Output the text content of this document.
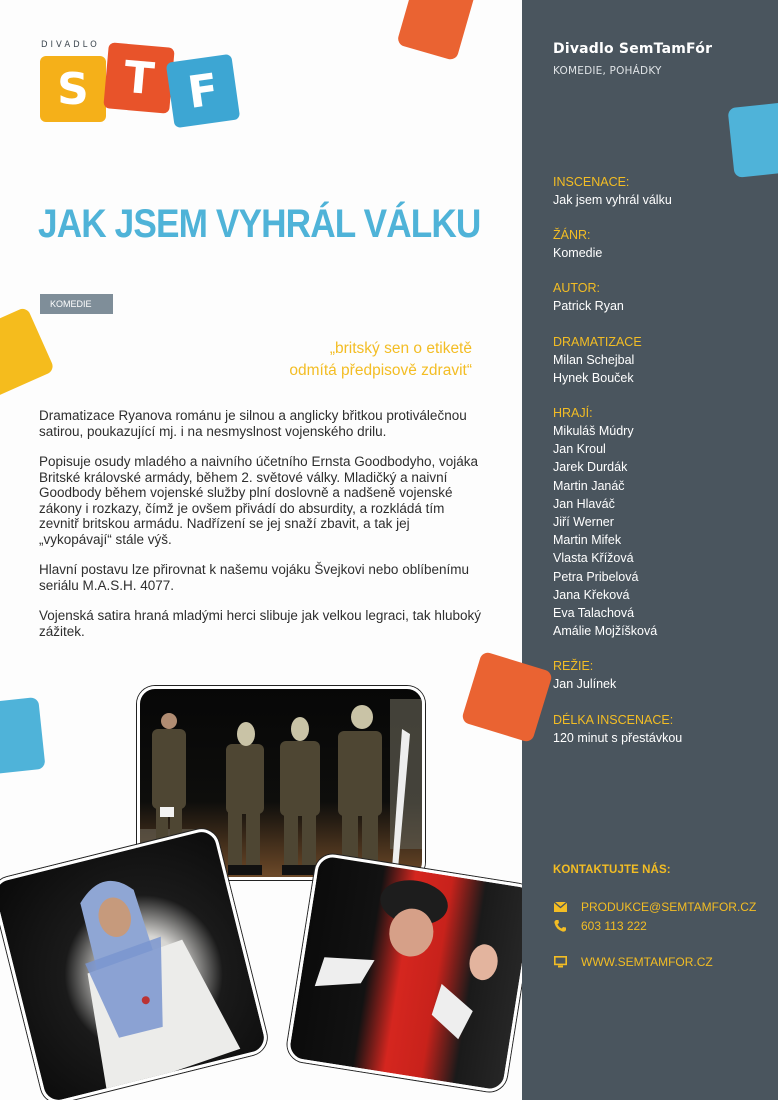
DIVADLO
S T F
JAK JSEM VYHRÁL VÁLKU
KOMEDIE
„britský sen o etiketě
odmítá předpisově zdravit“

Dramatizace Ryanova románu je silnou a anglicky břitkou protiválečnou satirou, poukazující mj. i na nesmyslnost vojenského drilu.

Popisuje osudy mladého a naivního účetního Ernsta Goodbodyho, vojáka Britské královské armády, během 2. světové války. Mladičký a naivní Goodbody během vojenské služby plní doslovně a nadšeně vojenské zákony i rozkazy, čímž je ovšem přivádí do absurdity, a rozkládá tím zevnitř britskou armádu. Nadřízení se jej snaží zbavit, a tak jej „vykopávají“ stále výš.

Hlavní postavu lze přirovnat k našemu vojáku Švejkovi nebo oblíbenímu seriálu M.A.S.H. 4077.

Vojenská satira hraná mladými herci slibuje jak velkou legraci, tak hluboký zážitek.

Divadlo SemTamFór
KOMEDIE, POHÁDKY
INSCENACE:
Jak jsem vyhrál válku
ŽÁNR:
Komedie
AUTOR:
Patrick Ryan
DRAMATIZACE
Milan Schejbal
Hynek Bouček
HRAJÍ:
Mikuláš Múdry
Jan Kroul
Jarek Durdák
Martin Janáč
Jan Hlaváč
Jiří Werner
Martin Mifek
Vlasta Křížová
Petra Pribelová
Jana Křeková
Eva Talachová
Amálie Mojžíšková
REŽIE:
Jan Julínek
DÉLKA INSCENACE:
120 minut s přestávkou
KONTAKTUJTE NÁS:
PRODUKCE@SEMTAMFOR.CZ
603 113 222
WWW.SEMTAMFOR.CZ
